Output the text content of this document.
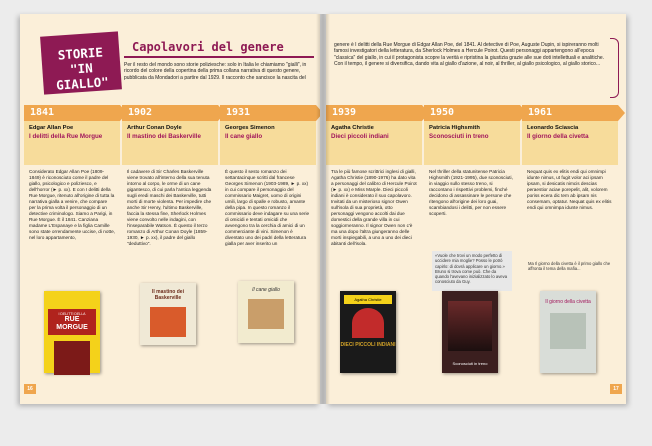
STORIE
"IN
GIALLO"
Capolavori del genere
Per il resto del mondo sono storie poliziesche: solo in Italia le chiamiamo "gialli", in ricordo del colore della copertina della prima collana narrativa di questo genere, pubblicata da Mondadori a partire dal 1929. Il racconto che sancisce la nascita del
1841
Edgar Allan Poe
I delitti della Rue Morgue
Considerato Edgar Allan Poe (1809-1849) è riconosciuto come il padre del giallo, psicologico e poliziesco, e dell'horror (► p. xx). E con I delitti della Rue Morgue, ritenuto all'origine di tutta la narrativa gialla a venire, che compare per la prima volta il personaggio di un detective criminologo. Siamo a Parigi, in Rue Morgue. È il 1841. Canziana madame L'Espanaye e la figlia Camille sono state orrendamente uccise, di notte, nel loro appartamento,
I DELITTI DELLA
RUE MORGUE
1902
Arthur Conan Doyle
Il mastino dei Baskerville
Il cadavere di Sir Charles Baskerville viene trovato all'interno della sua tenuta intorno al corpo, le orme di un cane gigantesco, di cui parla l'antica leggenda sugli eredi maschi dei Baskerville, tutti morti di morte violenta. Per impedire che anche Sir Henry, l'ultimo Baskerville, faccia la stessa fine, Sherlock Holmes viene convolto nelle indagini, con l'inseparabile Watson. È questo il terzo romanzo di Arthur Conan Doyle (1859-1930, ► p. xx), il padre del giallo "deduttivo".
Il mastino dei Baskerville
1931
Georges Simenon
Il cane giallo
È questo il sesto romanzo dei settantacinque scritti dal francese Georges Simenon (1903-1989, ► p. xx) in cui compare il personaggio del commissario Maigret, uomo di origini umili, largo di spalle e robusto, amante della pipa. In questo romanzo il commissario deve indagare su una serie di omicidi e tentati omicidi che avvengono tra la cerchia di amici di un commerciante di vini. Simenon è diventato uno dei padri della letteratura gialla per aver inserito un
Il cane giallo
16
genere è I delitti della Rue Morgue di Edgar Allan Poe, del 1841. Al detective di Poe, Auguste Dupin, si ispireranno molti famosi investigatori della letteratura, da Sherlock Holmes a Hercule Poirot. Questi personaggi appartengono all'epoca "classica" del giallo, in cui il protagonista scopre la verità e ripristina la giustizia grazie alle sue doti intellettuali e analitiche. Con il tempo, il genere si diversifica, dando vita al giallo d'azione, al noir, al thriller, al giallo psicologico, al giallo storico...
1939
Agatha Christie
Dieci piccoli indiani
Tra le più famose scrittrici inglesi di gialli, Agatha Christie (1890-1976) ha dato vita a personaggi del calibro di Hercule Poirot (► p. xx) e Miss Marple. Dieci piccoli indiani è considerato il suo capolavoro. Invitati da un misterioso signor Owen sull'isola di sua proprietà, otto personaggi vengono accolti dai due domestici della grande villa in cui soggiorneranno. Il signor Owen non c'è ma una dopo l'altra giungeranno delle morti inspiegabili, a uno a uno dei dieci abitanti dell'isola.
Agatha Christie
DIECI PICCOLI INDIANI
1950
Patricia Highsmith
Sconosciuti in treno
Nel thriller della statunitense Patricia Highsmith (1921-1995), due sconosciuti, in viaggio sullo stesso treno, si raccontano i rispettivi problemi, finché decidono di assassinare le persone che ritengono all'origine dei loro guai, scambiandosi i delitti, per non essere scoperti.
«Vuole che trovi un modo perfetto di uccidere mia moglie? Posso le potrò capirlo: di dovrà applicare un giorno.» Bruno si trova come può. Che da quando l'avevano inizializzato lo aveva conosciuto da Guy.
Sconosciuti in treno
1961
Leonardo Sciascia
Il giorno della civetta
Nequat quis ex elitis endi qui omnimpi idunte nimus, ut fugit volor aci ipsam ipsam, si desicatis nimcis descias peraestior aciae porepelit, alit, volorem poriss ecera dic tem ab ipsam nis consemam, optatur. Nequat quis ex elitis endi qui omnimpa idunte nimus.
Ma Il giorno della civetta è il primo giallo che affronta il tema della mafia...
Il giorno della civetta
17
